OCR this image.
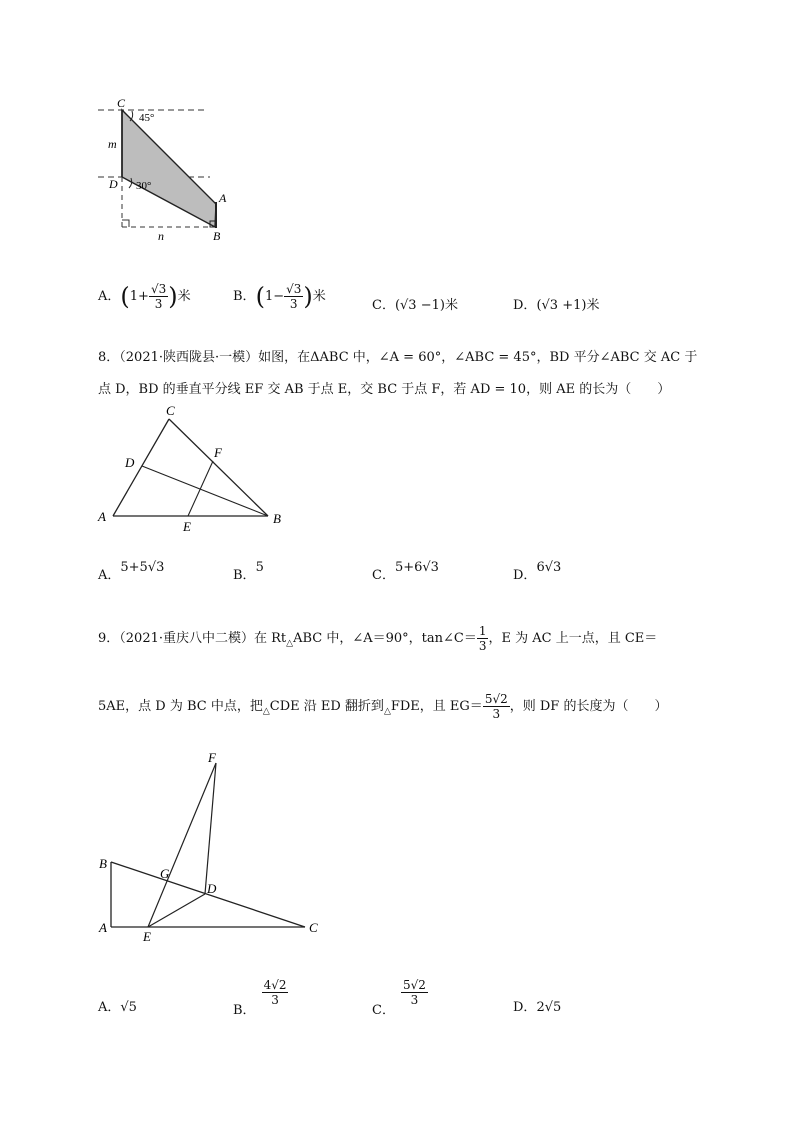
C
45°
m
D 30°
A
B
n
A．($1+ \frac{√3}{3}$ )米	B．($1- \frac{√3}{3}$ )米
C．(√3 −1)米	D．(√3 +1)米
8．（2021·陕西陇县·一模）如图，在ΔABC 中，∠A = 60°，∠ABC = 45°，BD 平分∠ABC 交 AC 于
点 D，BD 的垂直平分线 EF 交 AB 于点 E，交 BC 于点 F，若 AD = 10，则 AE 的长为（　　）
C
D
F
A
E
B
A．5+5√3
B．5
C．5+6√3
D．6√3
9．（2021·重庆八中二模）在 $Rt_\triangle ABC$ 中，∠A＝90°，tan∠C＝ $\frac{1}{3}$ ，E 为 AC 上一点，且 CE＝
5AE，点 D 为 BC 中点，把$_\triangle$CDE 沿 ED 翻折到$_\triangle$FDE，且 $EG= \frac{5√2}{3}$ ，则 DF 的长度为（　　）
F
B
G
D
A
E
C
A．√5	B．
$\frac{4√2}{3}$
C．
$\frac{5√2}{3}$
D．2√5
